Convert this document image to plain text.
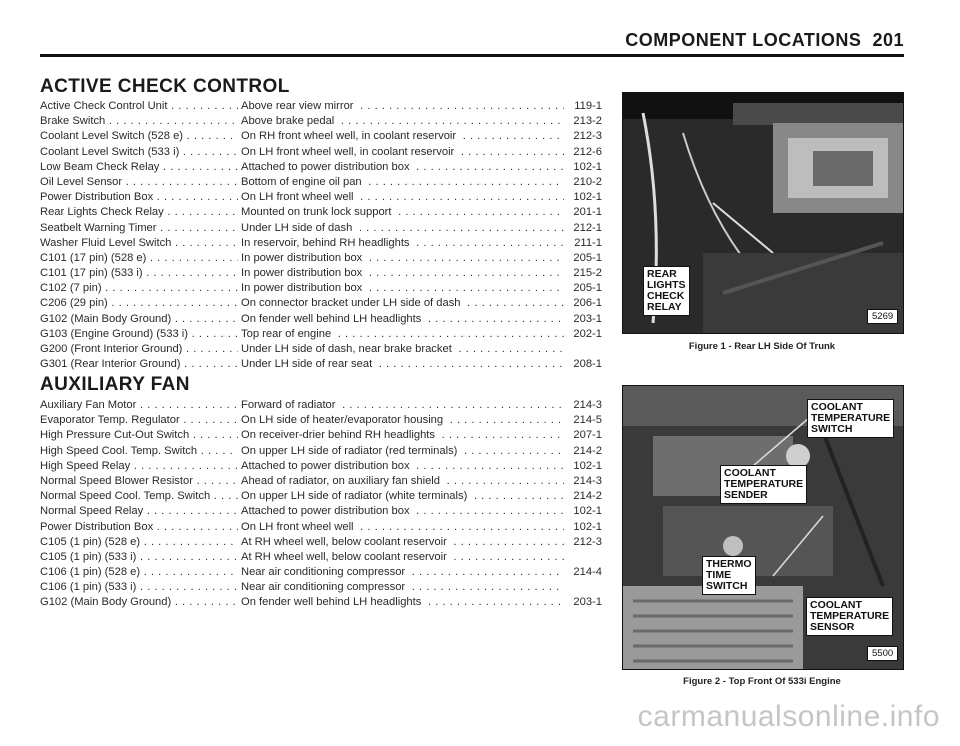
COMPONENT LOCATIONS 201
ACTIVE CHECK CONTROL
Active Check Control Unit . . .	Above rear view mirror . . .	119-1
Brake Switch . . .	Above brake pedal . . .	213-2
Coolant Level Switch (528 e) . . .	On RH front wheel well, in coolant reservoir . . .	212-3
Coolant Level Switch (533 i) . . .	On LH front wheel well, in coolant reservoir . . .	212-6
Low Beam Check Relay . . .	Attached to power distribution box . . .	102-1
Oil Level Sensor . . .	Bottom of engine oil pan . . .	210-2
Power Distribution Box . . .	On LH front wheel well . . .	102-1
Rear Lights Check Relay . . .	Mounted on trunk lock support . . .	201-1
Seatbelt Warning Timer . . .	Under LH side of dash . . .	212-1
Washer Fluid Level Switch . . .	In reservoir, behind RH headlights . . .	211-1
C101 (17 pin) (528 e) . . .	In power distribution box . . .	205-1
C101 (17 pin) (533 i) . . .	In power distribution box . . .	215-2
C102 (7 pin) . . .	In power distribution box . . .	205-1
C206 (29 pin) . . .	On connector bracket under LH side of dash . . .	206-1
G102 (Main Body Ground) . . .	On fender well behind LH headlights . . .	203-1
G103 (Engine Ground) (533 i) . . .	Top rear of engine . . .	202-1
G200 (Front Interior Ground) . . .	Under LH side of dash, near brake bracket . . .
G301 (Rear Interior Ground) . . .	Under LH side of rear seat . . .	208-1
AUXILIARY FAN
Auxiliary Fan Motor . . .	Forward of radiator . . .	214-3
Evaporator Temp. Regulator . . .	On LH side of heater/evaporator housing . . .	214-5
High Pressure Cut-Out Switch . . .	On receiver-drier behind RH headlights . . .	207-1
High Speed Cool. Temp. Switch . . .	On upper LH side of radiator (red terminals) . . .	214-2
High Speed Relay . . .	Attached to power distribution box . . .	102-1
Normal Speed Blower Resistor . . .	Ahead of radiator, on auxiliary fan shield . . .	214-3
Normal Speed Cool. Temp. Switch . . .	On upper LH side of radiator (white terminals) . . .	214-2
Normal Speed Relay . . .	Attached to power distribution box . . .	102-1
Power Distribution Box . . .	On LH front wheel well . . .	102-1
C105 (1 pin) (528 e) . . .	At RH wheel well, below coolant reservoir . . .	212-3
C105 (1 pin) (533 i) . . .	At RH wheel well, below coolant reservoir . . .
C106 (1 pin) (528 e) . . .	Near air conditioning compressor . . .	214-4
C106 (1 pin) (533 i) . . .	Near air conditioning compressor . . .
G102 (Main Body Ground) . . .	On fender well behind LH headlights . . .	203-1
REAR
LIGHTS
CHECK
RELAY
5269
Figure 1 - Rear LH Side Of Trunk
COOLANT
TEMPERATURE
SWITCH
COOLANT
TEMPERATURE
SENDER
THERMO
TIME
SWITCH
COOLANT
TEMPERATURE
SENSOR
5500
Figure 2 - Top Front Of 533i Engine
carmanualsonline.info
